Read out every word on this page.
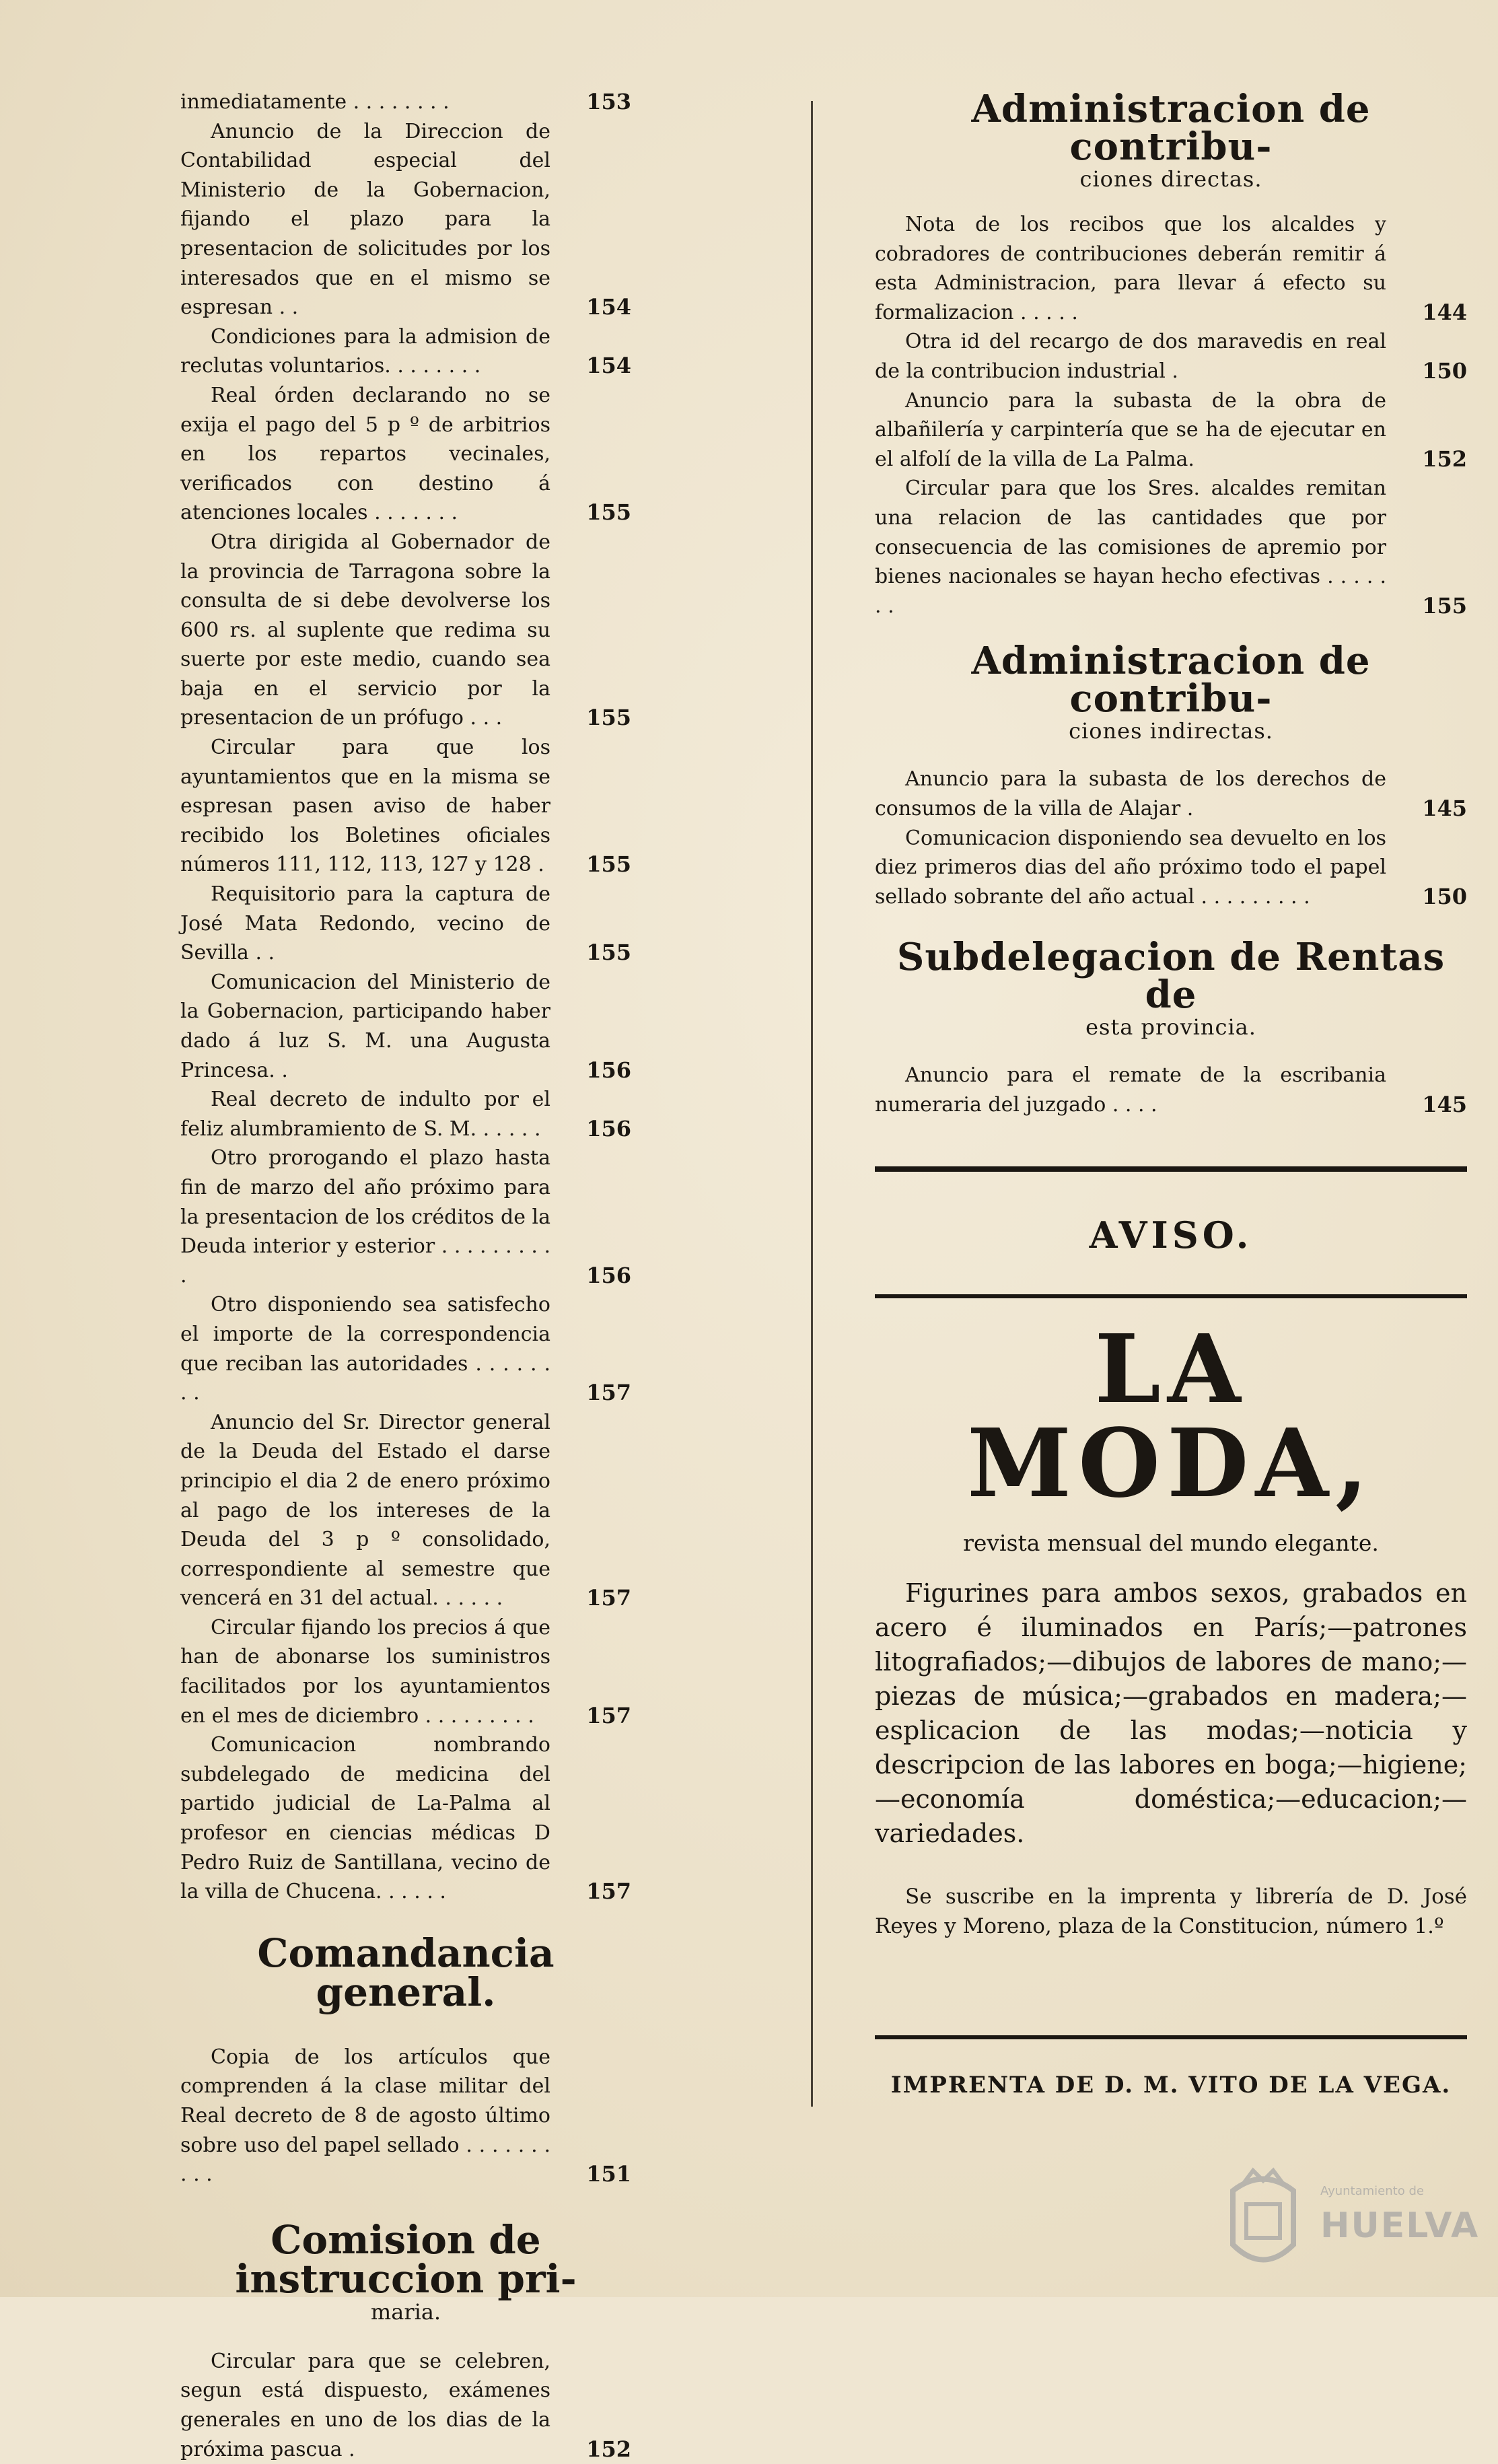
inmediatamente . . . . . . . .	153
Anuncio de la Direccion de Contabilidad especial del Ministerio de la Gobernacion, fijando el plazo para la presentacion de solicitudes por los interesados que en el mismo se espresan . .	154
Condiciones para la admision de reclutas voluntarios. . . . . . . .	154
Real órden declarando no se exija el pago del 5 p º de arbitrios en los repartos vecinales, verificados con destino á atenciones locales . . . . . . .	155
Otra dirigida al Gobernador de la provincia de Tarragona sobre la consulta de si debe devolverse los 600 rs. al suplente que redima su suerte por este medio, cuando sea baja en el servicio por la presentacion de un prófugo . . .	155
Circular para que los ayuntamientos que en la misma se espresan pasen aviso de haber recibido los Boletines oficiales números 111, 112, 113, 127 y 128 .	155
Requisitorio para la captura de José Mata Redondo, vecino de Sevilla . .	155
Comunicacion del Ministerio de la Gobernacion, participando haber dado á luz S. M. una Augusta Princesa. .	156
Real decreto de indulto por el feliz alumbramiento de S. M. . . . . .	156
Otro prorogando el plazo hasta fin de marzo del año próximo para la presentacion de los créditos de la Deuda interior y esterior . . . . . . . . . .	156
Otro disponiendo sea satisfecho el importe de la correspondencia que reciban las autoridades . . . . . . . .	157
Anuncio del Sr. Director general de la Deuda del Estado el darse principio el dia 2 de enero próximo al pago de los intereses de la Deuda del 3 p º consolidado, correspondiente al semestre que vencerá en 31 del actual. . . . . .	157
Circular fijando los precios á que han de abonarse los suministros facilitados por los ayuntamientos en el mes de diciembro . . . . . . . . .	157
Comunicacion nombrando subdelegado de medicina del partido judicial de La-Palma al profesor en ciencias médicas D Pedro Ruiz de Santillana, vecino de la villa de Chucena. . . . . .	157
Comandancia general.
Copia de los artículos que comprenden á la clase militar del Real decreto de 8 de agosto último sobre uso del papel sellado . . . . . . . . . .	151
Comision de instruccion pri-
maria.
Circular para que se celebren, segun está dispuesto, exámenes generales en uno de los dias de la próxima pascua .	152
Administracion de contribu-
ciones directas.
Nota de los recibos que los alcaldes y cobradores de contribuciones deberán remitir á esta Administracion, para llevar á efecto su formalizacion . . . . .	144
Otra id del recargo de dos maravedis en real de la contribucion industrial .	150
Anuncio para la subasta de la obra de albañilería y carpintería que se ha de ejecutar en el alfolí de la villa de La Palma.	152
Circular para que los Sres. alcaldes remitan una relacion de las cantidades que por consecuencia de las comisiones de apremio por bienes nacionales se hayan hecho efectivas . . . . . . .	155
Administracion de contribu-
ciones indirectas.
Anuncio para la subasta de los derechos de consumos de la villa de Alajar .	145
Comunicacion disponiendo sea devuelto en los diez primeros dias del año próximo todo el papel sellado sobrante del año actual . . . . . . . . .	150
Subdelegacion de Rentas de
esta provincia.
Anuncio para el remate de la escribania numeraria del juzgado . . . .	145
AVISO.
LA MODA,
revista mensual del mundo elegante.
Figurines para ambos sexos, grabados en acero é iluminados en París;—patrones litografiados;—dibujos de labores de mano;—piezas de música;—grabados en madera;—esplicacion de las modas;—noticia y descripcion de las labores en boga;—higiene;—economía doméstica;—educacion;—variedades.
Se suscribe en la imprenta y librería de D. José Reyes y Moreno, plaza de la Constitucion, número 1.º
IMPRENTA DE D. M. VITO DE LA VEGA.
Ayuntamiento de
HUELVA
